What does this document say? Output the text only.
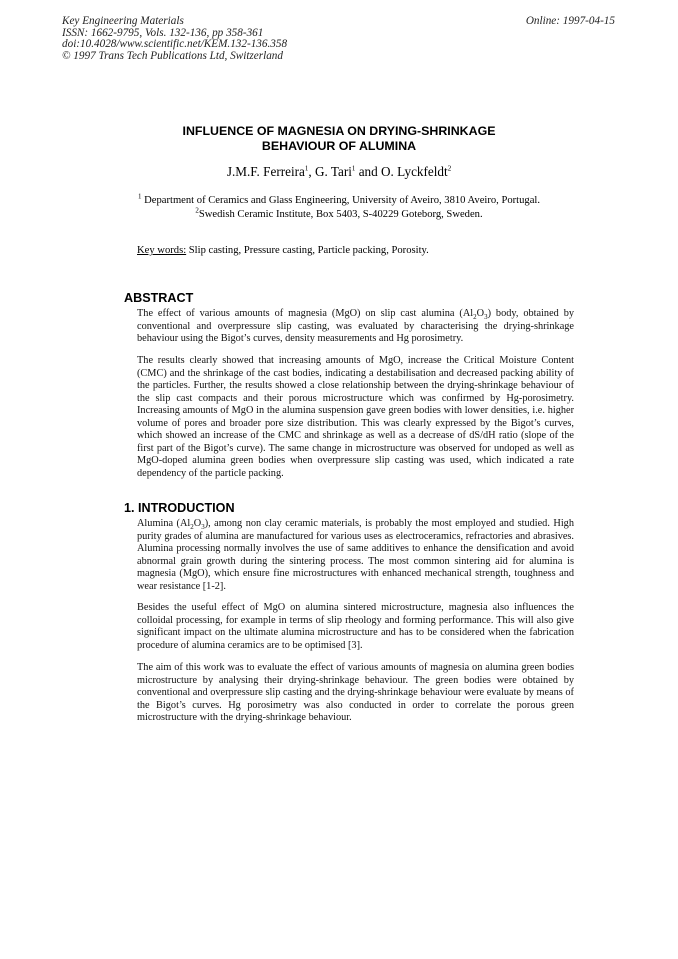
Key Engineering Materials
ISSN: 1662-9795, Vols. 132-136, pp 358-361
doi:10.4028/www.scientific.net/KEM.132-136.358
© 1997 Trans Tech Publications Ltd, Switzerland
Online: 1997-04-15
INFLUENCE OF MAGNESIA ON DRYING-SHRINKAGE
BEHAVIOUR OF ALUMINA
J.M.F. Ferreira$^1$, G. Tari$^1$ and O. Lyckfeldt$^2$
$^1$ Department of Ceramics and Glass Engineering, University of Aveiro, 3810 Aveiro, Portugal.
$^2$Swedish Ceramic Institute, Box 5403, S-40229 Goteborg, Sweden.
Key words: Slip casting, Pressure casting, Particle packing, Porosity.
ABSTRACT

The effect of various amounts of magnesia (MgO) on slip cast alumina $(Al_2O_3)$ body, obtained by conventional and overpressure slip casting, was evaluated by characterising the drying-shrinkage behaviour using the Bigot’s curves, density measurements and Hg porosimetry.

The results clearly showed that increasing amounts of MgO, increase the Critical Moisture Content (CMC) and the shrinkage of the cast bodies, indicating a destabilisation and decreased packing ability of the particles. Further, the results showed a close relationship between the drying-shrinkage behaviour of the slip cast compacts and their porous microstructure which was confirmed by Hg-porosimetry. Increasing amounts of MgO in the alumina suspension gave green bodies with lower densities, i.e. higher volume of pores and broader pore size distribution. This was clearly expressed by the Bigot’s curves, which showed an increase of the CMC and shrinkage as well as a decrease of dS/dH ratio (slope of the first part of the Bigot’s curve). The same change in microstructure was observed for undoped as well as MgO-doped alumina green bodies when overpressure slip casting was used, which indicated a rate dependency of the particle packing.

1. INTRODUCTION

Alumina $(Al_2O_3)$, among non clay ceramic materials, is probably the most employed and studied. High purity grades of alumina are manufactured for various uses as electroceramics, refractories and abrasives. Alumina processing normally involves the use of same additives to enhance the densification and avoid abnormal grain growth during the sintering process. The most common sintering aid for alumina is magnesia (MgO), which ensure fine microstructures with enhanced mechanical strength, toughness and wear resistance [1-2].

Besides the useful effect of MgO on alumina sintered microstructure, magnesia also influences the colloidal processing, for example in terms of slip rheology and forming performance. This will also give significant impact on the ultimate alumina microstructure and has to be considered when the fabrication procedure of alumina ceramics are to be optimised [3].

The aim of this work was to evaluate the effect of various amounts of magnesia on alumina green bodies microstructure by analysing their drying-shrinkage behaviour. The green bodies were obtained by conventional and overpressure slip casting and the drying-shrinkage behaviour were evaluate by means of the Bigot’s curves. Hg porosimetry was also conducted in order to correlate the porous green microstructure with the drying-shrinkage behaviour.
